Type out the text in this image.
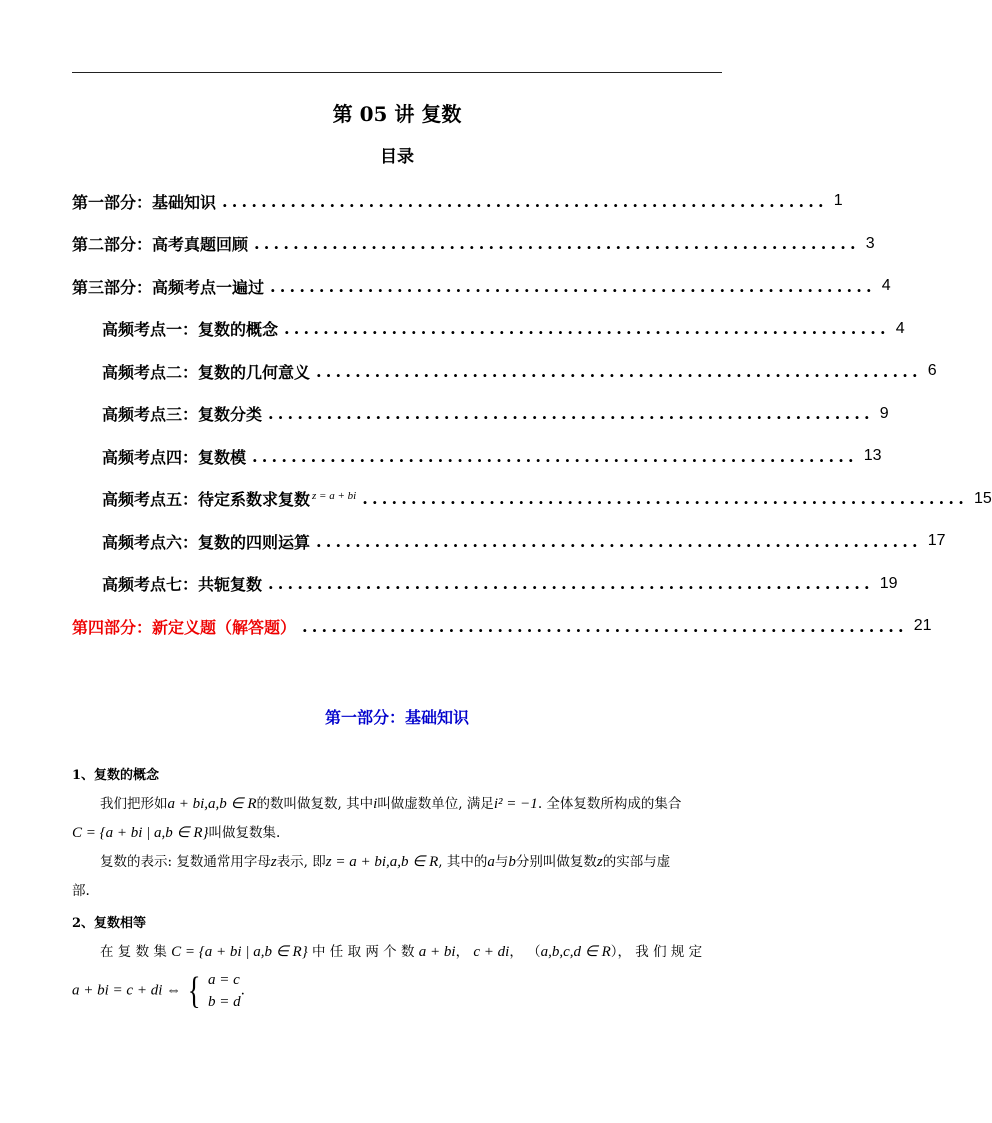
第 05 讲 复数
目录
第一部分：基础知识 .............................................................. 1
第二部分：高考真题回顾 .............................................................. 3
第三部分：高频考点一遍过 .............................................................. 4
高频考点一：复数的概念 .............................................................. 4
高频考点二：复数的几何意义 .............................................................. 6
高频考点三：复数分类 .............................................................. 9
高频考点四：复数模 .............................................................. 13
高频考点五：待定系数求复数 z = a + bi .............................................................. 15
高频考点六：复数的四则运算 .............................................................. 17
高频考点七：共轭复数 .............................................................. 19
第四部分：新定义题（解答题） .............................................................. 21
第一部分：基础知识
1、复数的概念
我们把形如a + bi,a,b ∈ R的数叫做复数, 其中i叫做虚数单位, 满足i² = −1. 全体复数所构成的集合
C = {a + bi | a,b ∈ R}叫做复数集.
复数的表示: 复数通常用字母z表示, 即z = a + bi,a,b ∈ R, 其中的a与b分别叫做复数z的实部与虚
部.
2、复数相等
在 复 数 集 C = {a + bi | a,b ∈ R} 中 任 取 两 个 数 a + bi， c + di， （a,b,c,d ∈ R）， 我 们 规 定
a + bi = c + di ⇔ { a = c
b = d
.
